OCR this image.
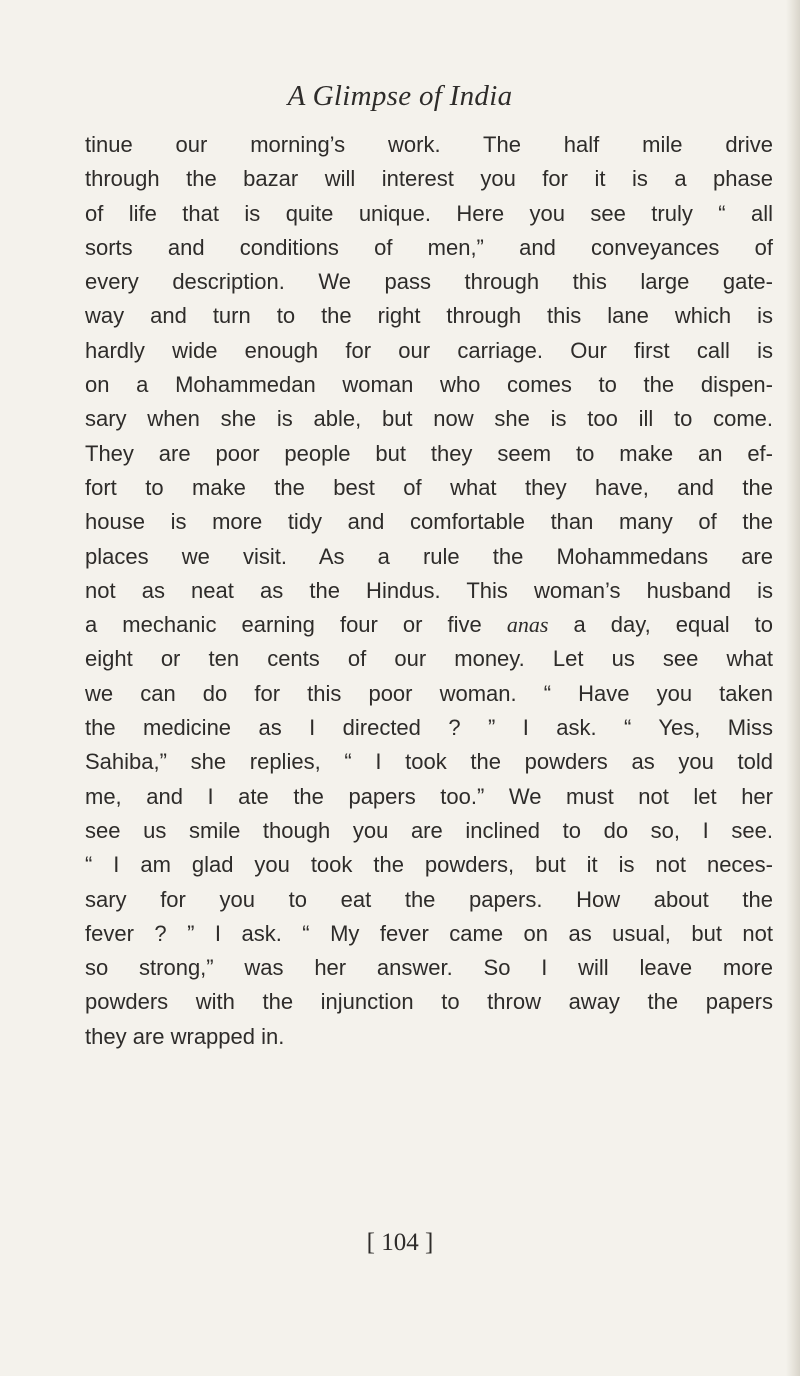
A Glimpse of India
tinue our morning’s work. The half mile drive
through the bazar will interest you for it is a phase
of life that is quite unique. Here you see truly “ all
sorts and conditions of men,” and conveyances of
every description. We pass through this large gate-
way and turn to the right through this lane which is
hardly wide enough for our carriage. Our first call is
on a Mohammedan woman who comes to the dispen-
sary when she is able, but now she is too ill to come.
They are poor people but they seem to make an ef-
fort to make the best of what they have, and the
house is more tidy and comfortable than many of the
places we visit. As a rule the Mohammedans are
not as neat as the Hindus. This woman’s husband is
a mechanic earning four or five anas a day, equal to
eight or ten cents of our money. Let us see what
we can do for this poor woman. “ Have you taken
the medicine as I directed ? ” I ask. “ Yes, Miss
Sahiba,” she replies, “ I took the powders as you told
me, and I ate the papers too.” We must not let her
see us smile though you are inclined to do so, I see.
“ I am glad you took the powders, but it is not neces-
sary for you to eat the papers. How about the
fever ? ” I ask. “ My fever came on as usual, but not
so strong,” was her answer. So I will leave more
powders with the injunction to throw away the papers
they are wrapped in.
[ 104 ]
